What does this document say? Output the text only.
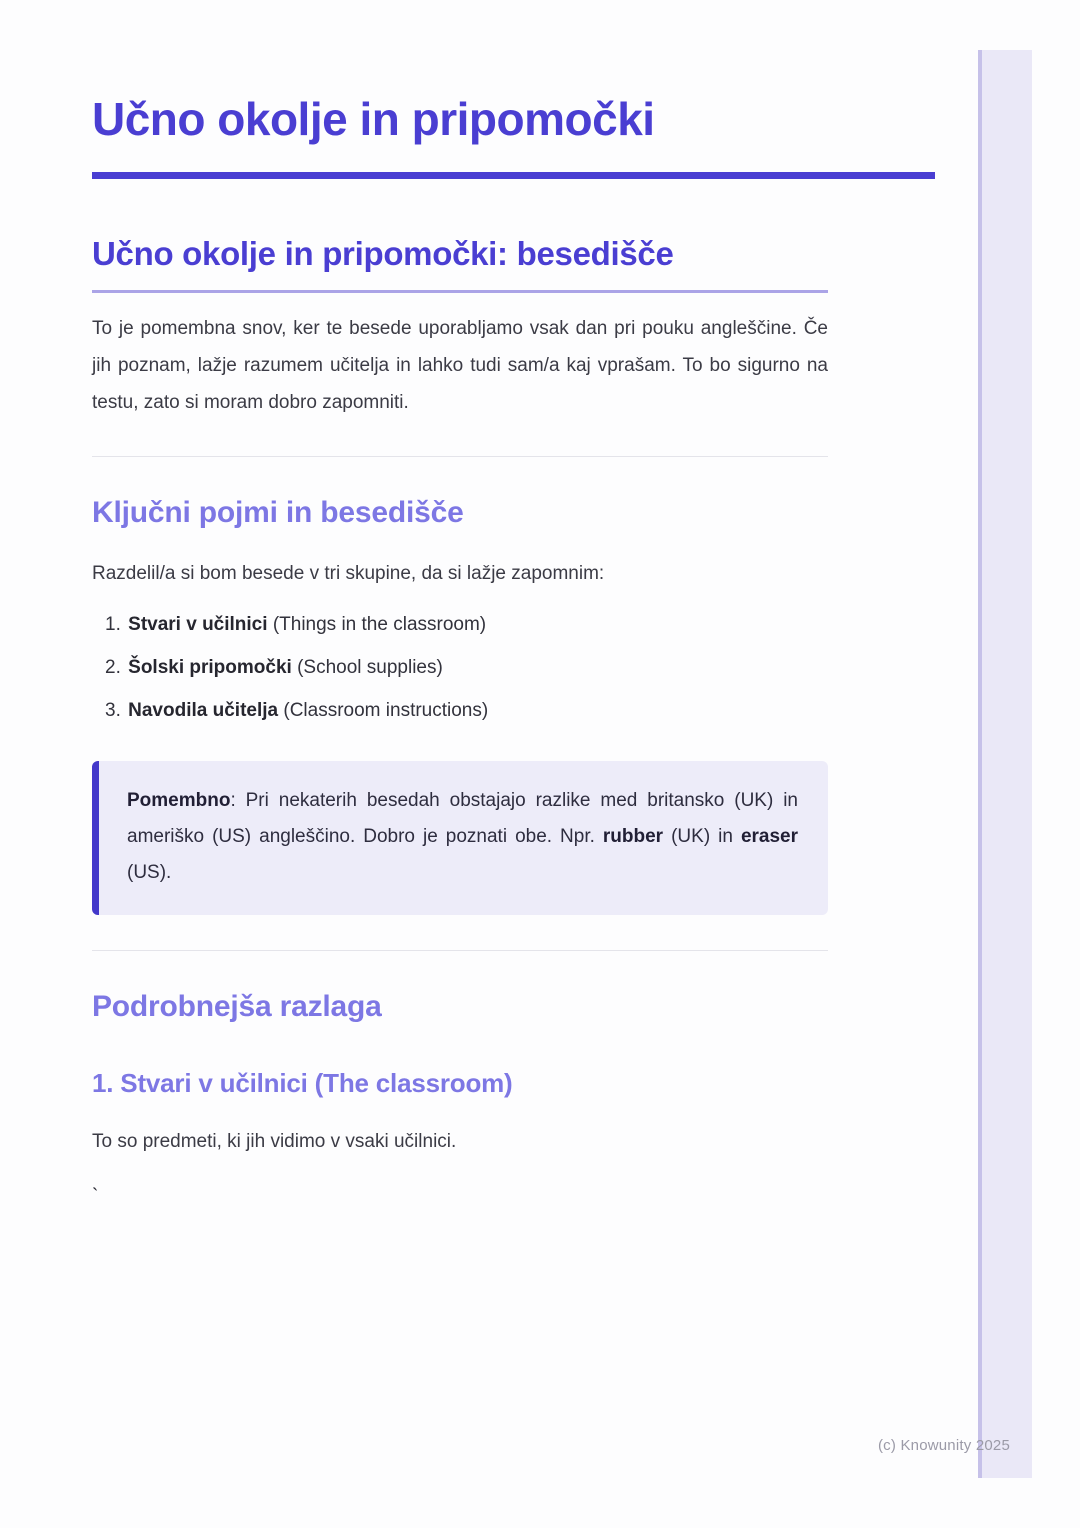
Učno okolje in pripomočki
Učno okolje in pripomočki: besedišče

To je pomembna snov, ker te besede uporabljamo vsak dan pri pouku angleščine. Če jih poznam, lažje razumem učitelja in lahko tudi sam/a kaj vprašam. To bo sigurno na testu, zato si moram dobro zapomniti.

Ključni pojmi in besedišče

Razdelil/a si bom besede v tri skupine, da si lažje zapomnim:

1. Stvari v učilnici (Things in the classroom)
2. Šolski pripomočki (School supplies)
3. Navodila učitelja (Classroom instructions)

Pomembno: Pri nekaterih besedah obstajajo razlike med britansko (UK) in ameriško (US) angleščino. Dobro je poznati obe. Npr. rubber (UK) in eraser (US).

Podrobnejša razlaga
1. Stvari v učilnici (The classroom)

To so predmeti, ki jih vidimo v vsaki učilnici.

`

(c) Knowunity 2025
